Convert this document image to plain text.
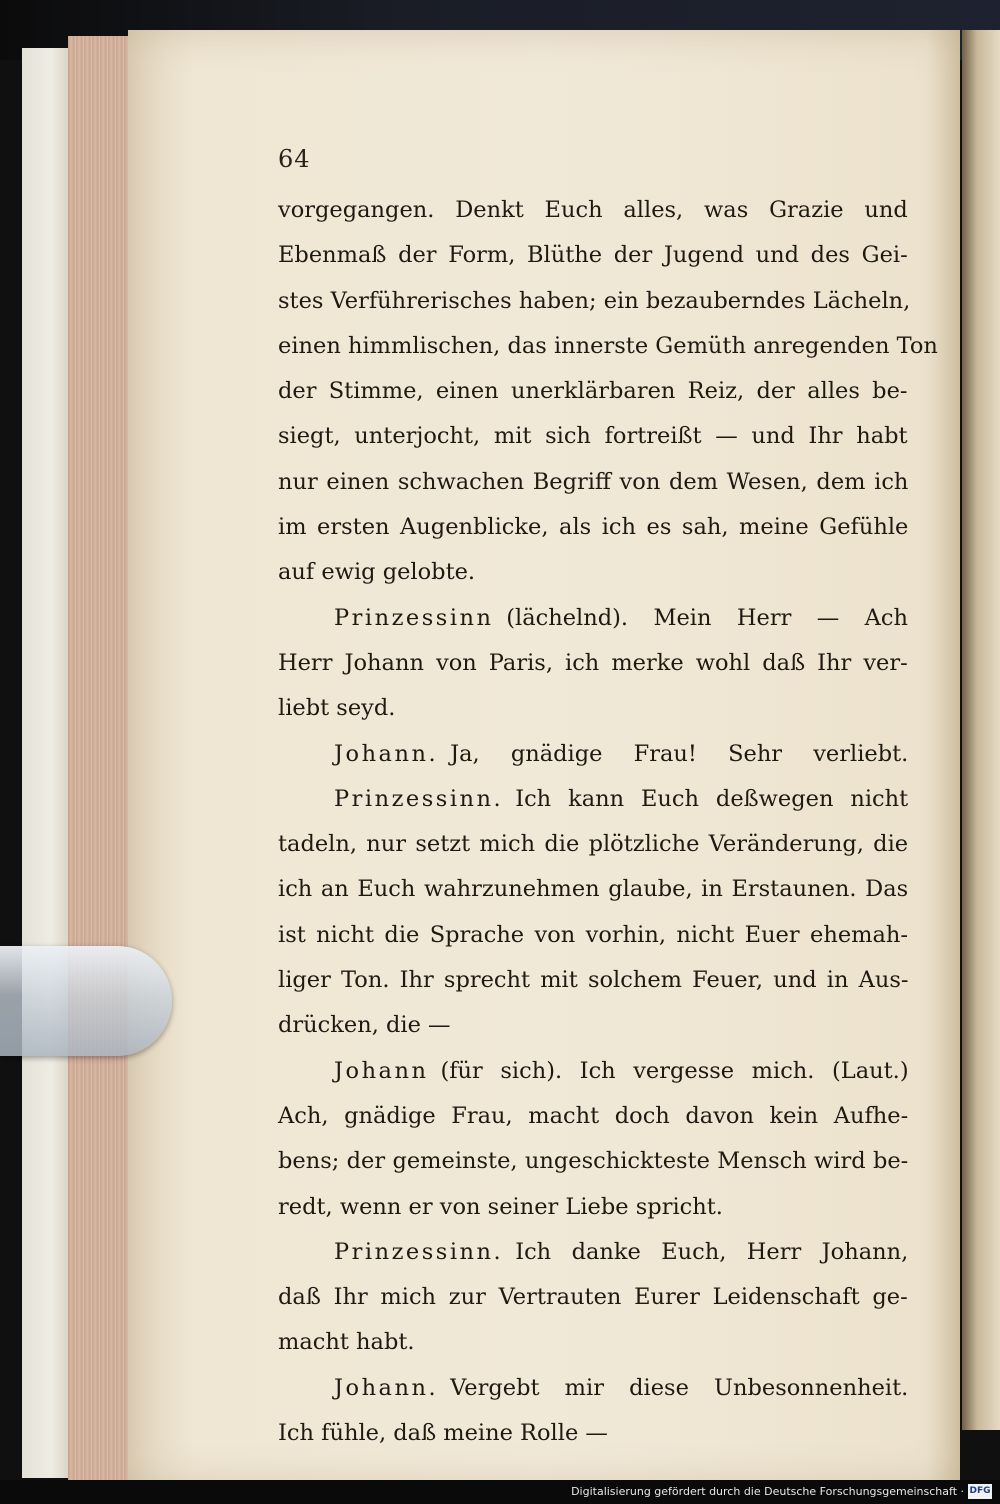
64
vorgegangen. Denkt Euch alles, was Grazie und
Ebenmaß der Form, Blüthe der Jugend und des Gei-
stes Verführerisches haben; ein bezauberndes Lächeln,
einen himmlischen, das innerste Gemüth anregenden Ton
der Stimme, einen unerklärbaren Reiz, der alles be-
siegt, unterjocht, mit sich fortreißt — und Ihr habt
nur einen schwachen Begriff von dem Wesen, dem ich
im ersten Augenblicke, als ich es sah, meine Gefühle
auf ewig gelobte.
Prinzessinn (lächelnd). Mein Herr — Ach
Herr Johann von Paris, ich merke wohl daß Ihr ver-
liebt seyd.
Johann. Ja, gnädige Frau! Sehr verliebt.
Prinzessinn. Ich kann Euch deßwegen nicht
tadeln, nur setzt mich die plötzliche Veränderung, die
ich an Euch wahrzunehmen glaube, in Erstaunen. Das
ist nicht die Sprache von vorhin, nicht Euer ehemah-
liger Ton. Ihr sprecht mit solchem Feuer, und in Aus-
drücken, die —
Johann (für sich). Ich vergesse mich. (Laut.)
Ach, gnädige Frau, macht doch davon kein Aufhe-
bens; der gemeinste, ungeschickteste Mensch wird be-
redt, wenn er von seiner Liebe spricht.
Prinzessinn. Ich danke Euch, Herr Johann,
daß Ihr mich zur Vertrauten Eurer Leidenschaft ge-
macht habt.
Johann. Vergebt mir diese Unbesonnenheit.
Ich fühle, daß meine Rolle —
Digitalisierung gefördert durch die Deutsche Forschungsgemeinschaft · DFG
